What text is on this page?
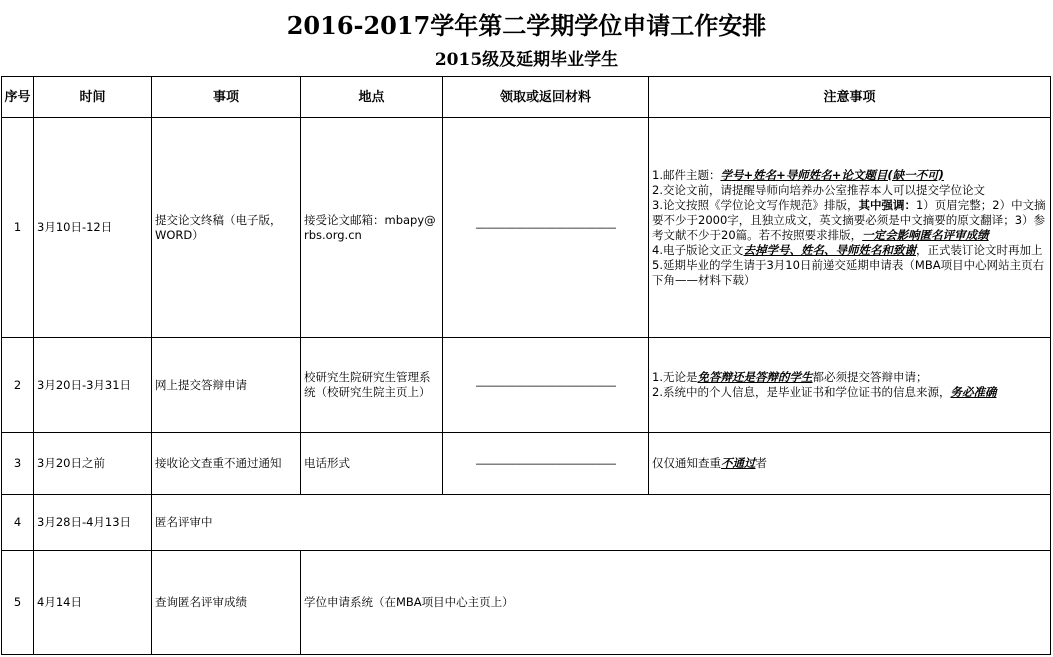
2016-2017学年第二学期学位申请工作安排
2015级及延期毕业学生
序号	时间	事项	地点	领取或返回材料	注意事项
1	3月10日-12日	提交论文终稿（电子版，WORD）	接受论文邮箱：mbapy@rbs.org.cn	——————————————	1.邮件主题：学号+姓名+导师姓名+论文题目(缺一不可)
2.交论文前，请提醒导师向培养办公室推荐本人可以提交学位论文
3.论文按照《学位论文写作规范》排版，其中强调：1）页眉完整；2）中文摘要不少于2000字，且独立成文，英文摘要必须是中文摘要的原文翻译；3）参考文献不少于20篇。若不按照要求排版，一定会影响匿名评审成绩
4.电子版论文正文去掉学号、姓名、导师姓名和致谢，正式装订论文时再加上
5.延期毕业的学生请于3月10日前递交延期申请表（MBA项目中心网站主页右下角——材料下载）

2	3月20日-3月31日	网上提交答辩申请	校研究生院研究生管理系统（校研究生院主页上）	——————————————	1.无论是免答辩还是答辩的学生都必须提交答辩申请；
2.系统中的个人信息，是毕业证书和学位证书的信息来源，务必准确

3	3月20日之前	接收论文查重不通过通知	电话形式	——————————————	仅仅通知查重不通过者
4	3月28日-4月13日	匿名评审中			
5	4月14日	查询匿名评审成绩	学位申请系统（在MBA项目中心主页上）		
